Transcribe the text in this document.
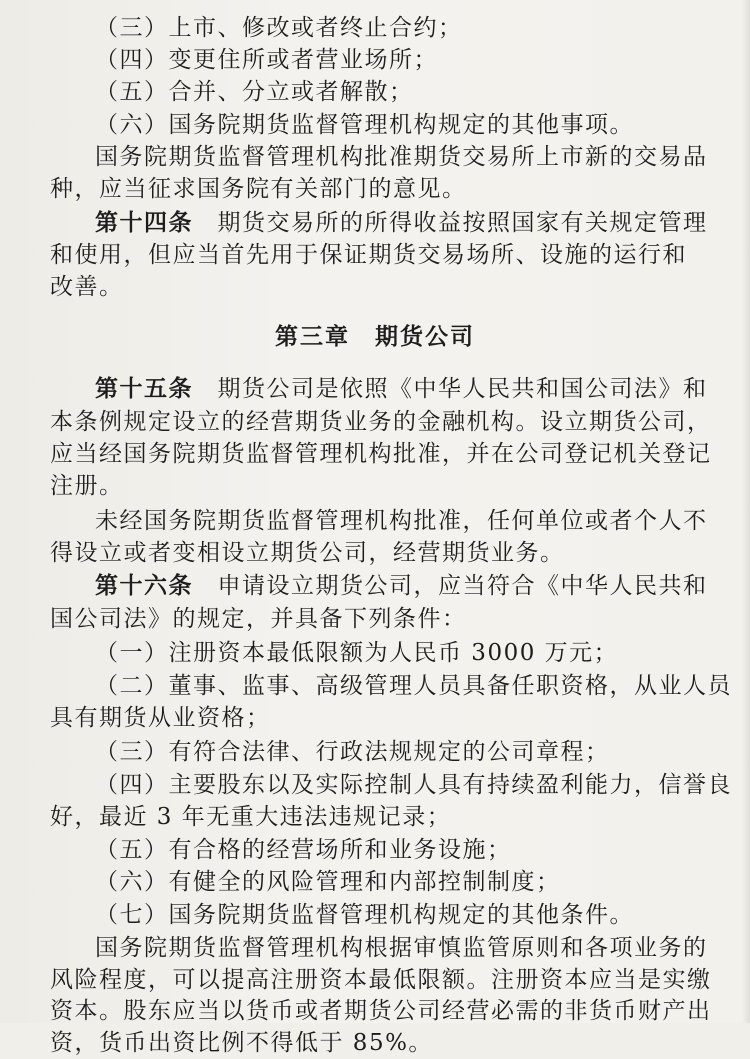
（三）上市、修改或者终止合约；
（四）变更住所或者营业场所；
（五）合并、分立或者解散；
（六）国务院期货监督管理机构规定的其他事项。
国务院期货监督管理机构批准期货交易所上市新的交易品
种，应当征求国务院有关部门的意见。
第十四条　期货交易所的所得收益按照国家有关规定管理
和使用，但应当首先用于保证期货交易场所、设施的运行和
改善。
第三章　期货公司
第十五条　期货公司是依照《中华人民共和国公司法》和
本条例规定设立的经营期货业务的金融机构。设立期货公司，
应当经国务院期货监督管理机构批准，并在公司登记机关登记
注册。
未经国务院期货监督管理机构批准，任何单位或者个人不
得设立或者变相设立期货公司，经营期货业务。
第十六条　申请设立期货公司，应当符合《中华人民共和
国公司法》的规定，并具备下列条件：
（一）注册资本最低限额为人民币 3000 万元；
（二）董事、监事、高级管理人员具备任职资格，从业人员
具有期货从业资格；
（三）有符合法律、行政法规规定的公司章程；
（四）主要股东以及实际控制人具有持续盈利能力，信誉良
好，最近 3 年无重大违法违规记录；
（五）有合格的经营场所和业务设施；
（六）有健全的风险管理和内部控制制度；
（七）国务院期货监督管理机构规定的其他条件。
国务院期货监督管理机构根据审慎监管原则和各项业务的
风险程度，可以提高注册资本最低限额。注册资本应当是实缴
资本。股东应当以货币或者期货公司经营必需的非货币财产出
资，货币出资比例不得低于 85%。
